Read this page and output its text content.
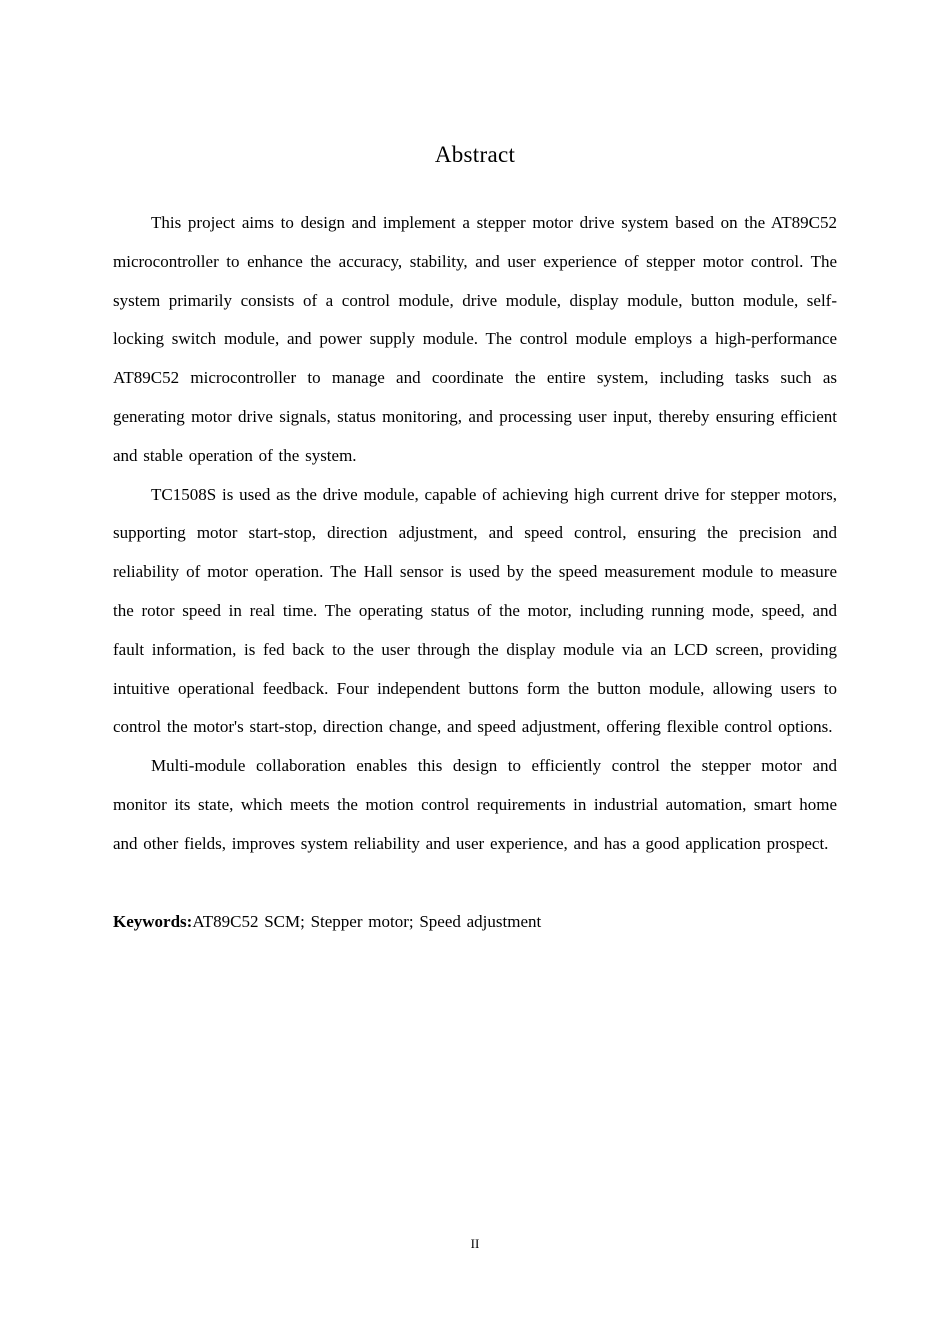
Abstract

This project aims to design and implement a stepper motor drive system based on the AT89C52 microcontroller to enhance the accuracy, stability, and user experience of stepper motor control. The system primarily consists of a control module, drive module, display module, button module, self-locking switch module, and power supply module. The control module employs a high-performance AT89C52 microcontroller to manage and coordinate the entire system, including tasks such as generating motor drive signals, status monitoring, and processing user input, thereby ensuring efficient and stable operation of the system.

TC1508S is used as the drive module, capable of achieving high current drive for stepper motors, supporting motor start-stop, direction adjustment, and speed control, ensuring the precision and reliability of motor operation. The Hall sensor is used by the speed measurement module to measure the rotor speed in real time. The operating status of the motor, including running mode, speed, and fault information, is fed back to the user through the display module via an LCD screen, providing intuitive operational feedback. Four independent buttons form the button module, allowing users to control the motor's start-stop, direction change, and speed adjustment, offering flexible control options.

Multi-module collaboration enables this design to efficiently control the stepper motor and monitor its state, which meets the motion control requirements in industrial automation, smart home and other fields, improves system reliability and user experience, and has a good application prospect.

Keywords:AT89C52 SCM; Stepper motor; Speed adjustment

II
